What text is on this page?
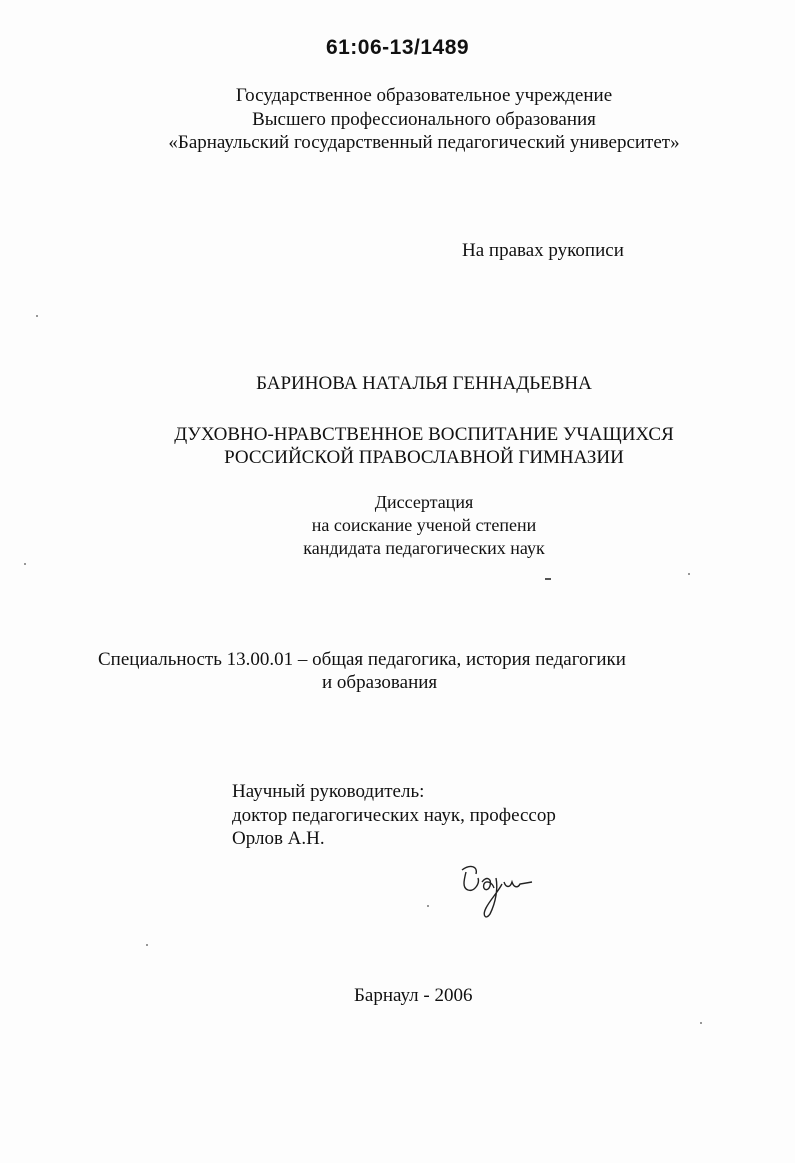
61:06-13/1489
Государственное образовательное учреждение
Высшего профессионального образования
«Барнаульский государственный педагогический университет»
На правах рукописи
БАРИНОВА НАТАЛЬЯ ГЕННАДЬЕВНА
ДУХОВНО-НРАВСТВЕННОЕ ВОСПИТАНИЕ УЧАЩИХСЯ
РОССИЙСКОЙ ПРАВОСЛАВНОЙ ГИМНАЗИИ
Диссертация
на соискание ученой степени
кандидата педагогических наук
Специальность 13.00.01 – общая педагогика, история педагогики
и образования
Научный руководитель:
доктор педагогических наук, профессор
Орлов А.Н.
Барнаул - 2006
